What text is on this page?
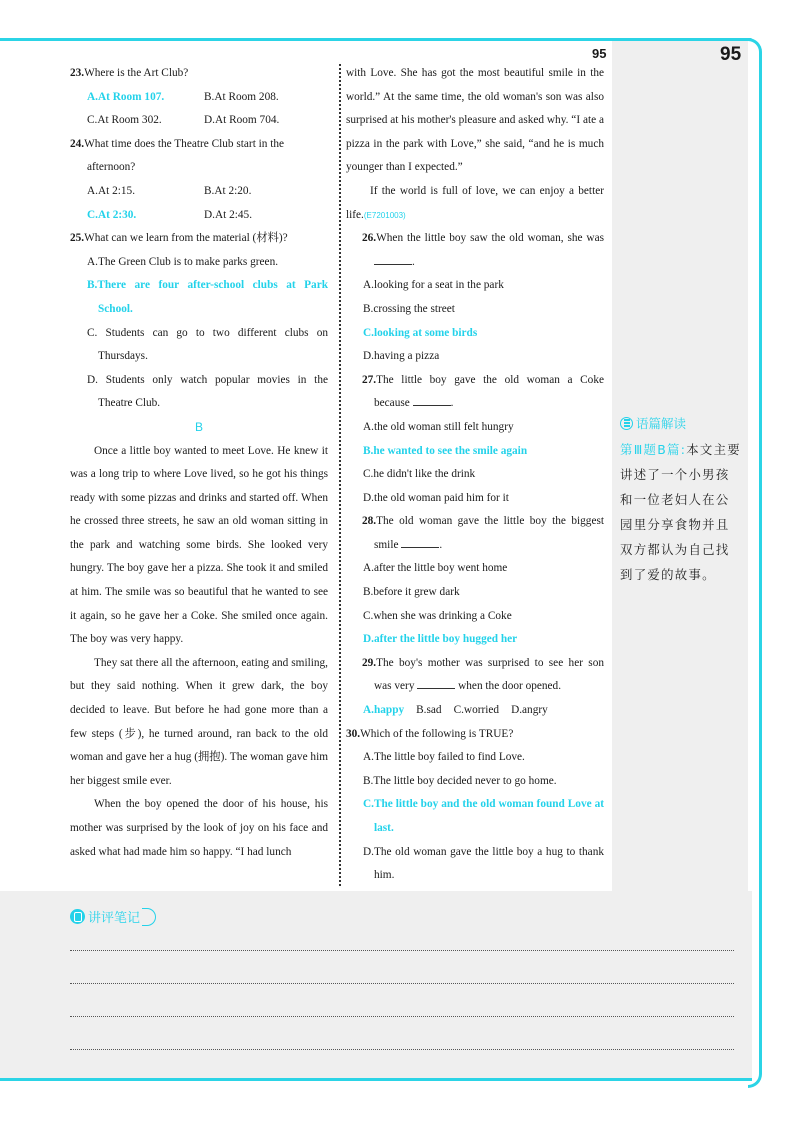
95	95
23.Where is the Art Club?
A.At Room 107.	B.At Room 208.
C.At Room 302.	D.At Room 704.
24.What time does the Theatre Club start in the
afternoon?
A.At 2:15.	B.At 2:20.
C.At 2:30.	D.At 2:45.
25.What can we learn from the material (材料)?
A.The Green Club is to make parks green.
B.There are four after-school clubs at Park School.
C. Students can go to two different clubs on Thursdays.
D. Students only watch popular movies in the Theatre Club.
B
Once a little boy wanted to meet Love. He knew it was a long trip to where Love lived, so he got his things ready with some pizzas and drinks and started off. When he crossed three streets, he saw an old woman sitting in the park and watching some birds. She looked very hungry. The boy gave her a pizza. She took it and smiled at him. The smile was so beautiful that he wanted to see it again, so he gave her a Coke. She smiled once again. The boy was very happy.
They sat there all the afternoon, eating and smiling, but they said nothing. When it grew dark, the boy decided to leave. But before he had gone more than a few steps (步), he turned around, ran back to the old woman and gave her a hug (拥抱). The woman gave him her biggest smile ever.
When the boy opened the door of his house, his mother was surprised by the look of joy on his face and asked what had made him so happy. “I had lunch
with Love. She has got the most beautiful smile in the world.” At the same time, the old woman's son was also surprised at his mother's pleasure and asked why. “I ate a pizza in the park with Love,” she said, “and he is much younger than I expected.”
If the world is full of love, we can enjoy a better life.(E7201003)
26.When the little boy saw the old woman, she was .
A.looking for a seat in the park
B.crossing the street
C.looking at some birds
D.having a pizza
27.The little boy gave the old woman a Coke because	.
A.the old woman still felt hungry
B.he wanted to see the smile again
C.he didn't like the drink
D.the old woman paid him for it
28.The old woman gave the little boy the biggest smile	.
A.after the little boy went home
B.before it grew dark
C.when she was drinking a Coke
D.after the little boy hugged her
29.The boy's mother was surprised to see her son was very	when the door opened.
A.happy B.sad C.worried D.angry
30.Which of the following is TRUE?
A.The little boy failed to find Love.
B.The little boy decided never to go home.
C.The little boy and the old woman found Love at last.
D.The old woman gave the little boy a hug to thank him.
语篇解读
第Ⅲ题B篇:本文主要讲述了一个小男孩和一位老妇人在公园里分享食物并且双方都认为自己找到了爱的故事。
讲评笔记
